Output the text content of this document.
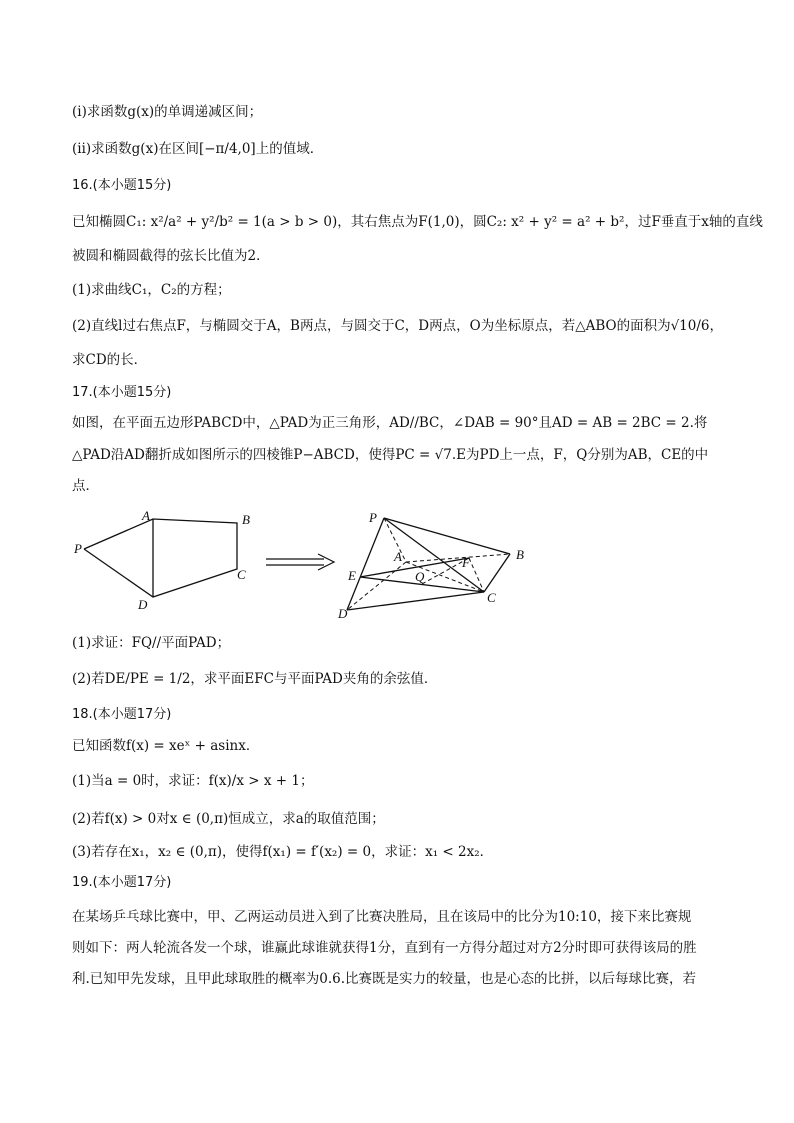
(ⅰ)求函数g(x)的单调递减区间；
(ⅱ)求函数g(x)在区间[−π/4,0]上的值域．
16.(本小题15分)
已知椭圆C₁: x²/a² + y²/b² = 1(a > b > 0)，其右焦点为F(1,0)，圆C₂: x² + y² = a² + b²，过F垂直于x轴的直线
被圆和椭圆截得的弦长比值为2．
(1)求曲线C₁，C₂的方程；
(2)直线l过右焦点F，与椭圆交于A，B两点，与圆交于C，D两点，O为坐标原点，若△ABO的面积为√10/6，
求CD的长．
17.(本小题15分)
如图，在平面五边形PABCD中，△PAD为正三角形，AD//BC，∠DAB = 90°且AD = AB = 2BC = 2.将
△PAD沿AD翻折成如图所示的四棱锥P−ABCD，使得PC = √7.E为PD上一点，F，Q分别为AB，CE的中
点．
P
A	B
C
D
P
A	F
B
E	Q
C
D
(1)求证：FQ//平面PAD；
(2)若DE/PE = 1/2，求平面EFC与平面PAD夹角的余弦值．
18.(本小题17分)
已知函数f(x) = xeˣ + asinx．
(1)当a = 0时，求证：f(x)/x > x + 1；
(2)若f(x) > 0对x ∈ (0,π)恒成立，求a的取值范围；
(3)若存在x₁，x₂ ∈ (0,π)，使得f(x₁) = f′(x₂) = 0，求证：x₁ < 2x₂．
19.(本小题17分)
在某场乒乓球比赛中，甲、乙两运动员进入到了比赛决胜局，且在该局中的比分为10:10，接下来比赛规
则如下：两人轮流各发一个球，谁赢此球谁就获得1分，直到有一方得分超过对方2分时即可获得该局的胜
利.已知甲先发球，且甲此球取胜的概率为0.6.比赛既是实力的较量，也是心态的比拼，以后每球比赛，若
